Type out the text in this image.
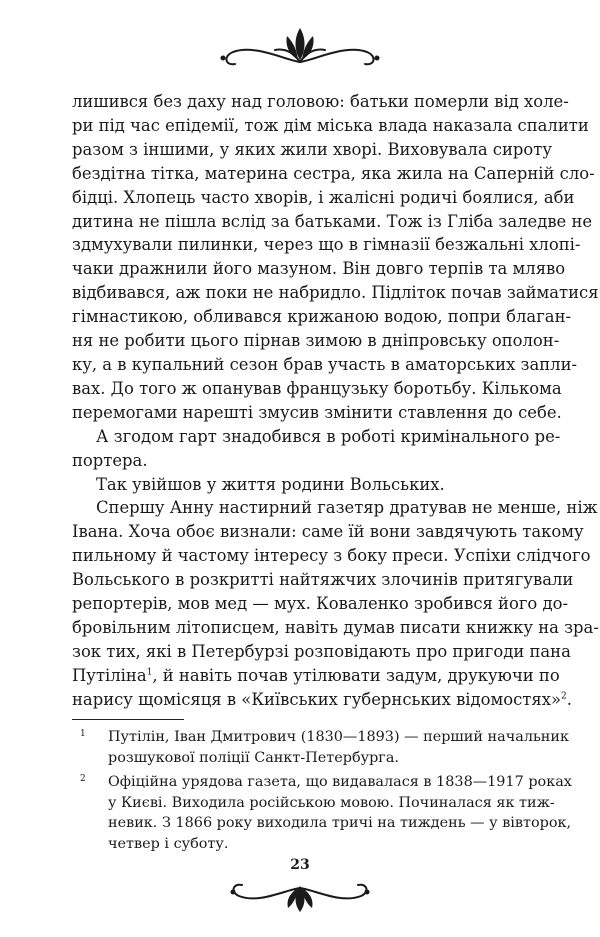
лишився без даху над головою: батьки померли від холе-
ри під час епідемії, тож дім міська влада наказала спалити
разом з іншими, у яких жили хворі. Виховувала сироту
бездітна тітка, материна сестра, яка жила на Саперній сло-
бідці. Хлопець часто хворів, і жалісні родичі боялися, аби
дитина не пішла вслід за батьками. Тож із Гліба заледве не
здмухували пилинки, через що в гімназії безжальні хлопі-
чаки дражнили його мазуном. Він довго терпів та мляво
відбивався, аж поки не набридло. Підліток почав займатися
гімнастикою, обливався крижаною водою, попри благан-
ня не робити цього пірнав зимою в дніпровську ополон-
ку, а в купальний сезон брав участь в аматорських запли-
вах. До того ж опанував французьку боротьбу. Кількома
перемогами нарешті змусив змінити ставлення до себе.

А згодом гарт знадобився в роботі кримінального ре-
портера.

Так увійшов у життя родини Вольських.

Спершу Анну настирний газетяр дратував не менше, ніж
Івана. Хоча обоє визнали: саме їй вони завдячують такому
пильному й частому інтересу з боку преси. Успіхи слідчого
Вольського в розкритті найтяжчих злочинів притягували
репортерів, мов мед — мух. Коваленко зробився його до-
бровільним літописцем, навіть думав писати книжку на зра-
зок тих, які в Петербурзі розповідають про пригоди пана
Путіліна$^1$, й навіть почав утілювати задум, друкуючи по
нарису щомісяця в «Київських губернських відомостях»$^2$.

1 Путілін, Іван Дмитрович (1830—1893) — перший начальник
розшукової поліції Санкт-Петербурга.
2 Офіційна урядова газета, що видавалася в 1838—1917 роках
у Києві. Виходила російською мовою. Починалася як тиж-
невик. З 1866 року виходила тричі на тиждень — у вівторок,
четвер і суботу.
23
